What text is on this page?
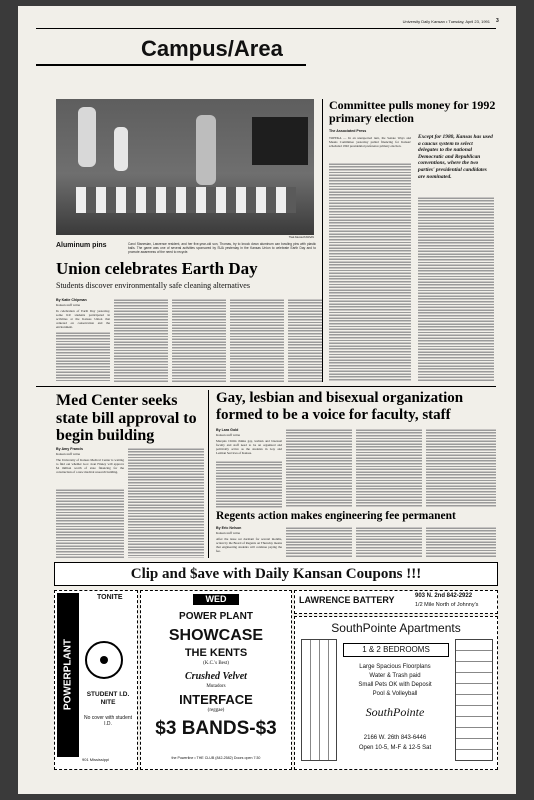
University Daily Kansan • Tuesday, April 23, 1991 3
Campus/Area
Thad Allender/KANSAN
Aluminum pins	Carol Stanesian, Lawrence resident, and her five-year-old son, Thomas, try to knock down aluminum can bowling pins with plastic balls. The game was one of several activities sponsored by SUA yesterday in the Kansas Union to celebrate Earth Day and to promote awareness of the need to recycle.
Union celebrates Earth Day
Students discover environmentally safe cleaning alternatives
By Katie Chipman
Kansan staff writer
In celebration of Earth Day yesterday, some KU students participated in activities at the Kansas Union that centered on conservation and the environment.
Committee pulls money for 1992 primary election
The Associated Press
TOPEKA — In an unexpected turn, the Senate Ways and Means Committee yesterday pulled financing for Kansas' scheduled 1992 presidential preference primary election.
Except for 1980, Kansas has used a caucus system to select delegates to the national Democratic and Republican conventions, where the two parties' presidential candidates are nominated.
Med Center seeks state bill approval to begin building
By Amy Francis
Kansan staff writer
The University of Kansas Medical Center is waiting to find out whether Gov. Joan Finney will approve $4 million worth of state financing for the construction of a new medical research building.
Gay, lesbian and bisexual organization formed to be a voice for faculty, staff
By Lara Gold
Kansan staff writer
Marquis Childs thinks gay, lesbian and bisexual faculty and staff need to be an organized and politically active as the students in Gay and Lesbian Services of Kansas.
Regents action makes engineering fee permanent
By Eric Nelson
Kansan staff writer
After the issue sat dormant for several months, action by the Board of Regents on Thursday means that engineering students will continue paying the fee.
Clip and $ave with Daily Kansan Coupons !!!
TONITE
POWERPLANT	STUDENT I.D. NITE
No cover with student I.D.
901 Mississippi
WED
POWER PLANT
SHOWCASE
THE KENTS
(K.C.'s Best)
Crushed Velvet
Mutadors
INTERFACE
(reggae)
$3 BANDS-$3
the Powerline • THE CLUB (842-2582) Doors open 7:30
LAWRENCE BATTERY	903 N. 2nd 842-2922
1/2 Mile North of Johnny's
SouthPointe Apartments
1 & 2 BEDROOMS
Large Spacious Floorplans
Water & Trash paid
Small Pets OK with Deposit
Pool & Volleyball
SouthPointe
2166 W. 26th 843-6446
Open 10-5, M-F & 12-5 Sat
